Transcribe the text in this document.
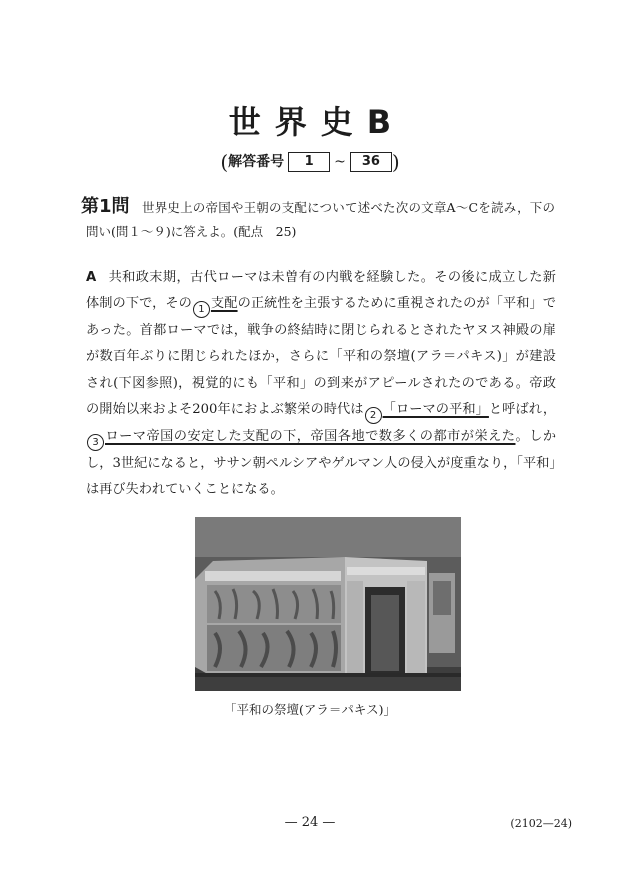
世界史B
( 解答番号	1	~	36 )
第1問 世界史上の帝国や王朝の支配について述べた次の文章A～Cを読み，下の
問い(問１～９)に答えよ。(配点　25)
A 共和政末期，古代ローマは未曽有の内戦を経験した。その後に成立した新体制の下で，その 1 支配の正統性を主張するために重視されたのが「平和」であった。首都ローマでは，戦争の終結時に閉じられるとされたヤヌス神殿の扉が数百年ぶりに閉じられたほか，さらに「平和の祭壇(アラ＝パキス)」が建設され(下図参照)，視覚的にも「平和」の到来がアピールされたのである。帝政の開始以来およそ200年におよぶ繁栄の時代は 2 「ローマの平和」と呼ばれ，3 ローマ帝国の安定した支配の下，帝国各地で数多くの都市が栄えた。しかし，3世紀になると，ササン朝ペルシアやゲルマン人の侵入が度重なり，「平和」は再び失われていくことになる。
「平和の祭壇(アラ＝パキス)」
— 24 —	(2102—24)
